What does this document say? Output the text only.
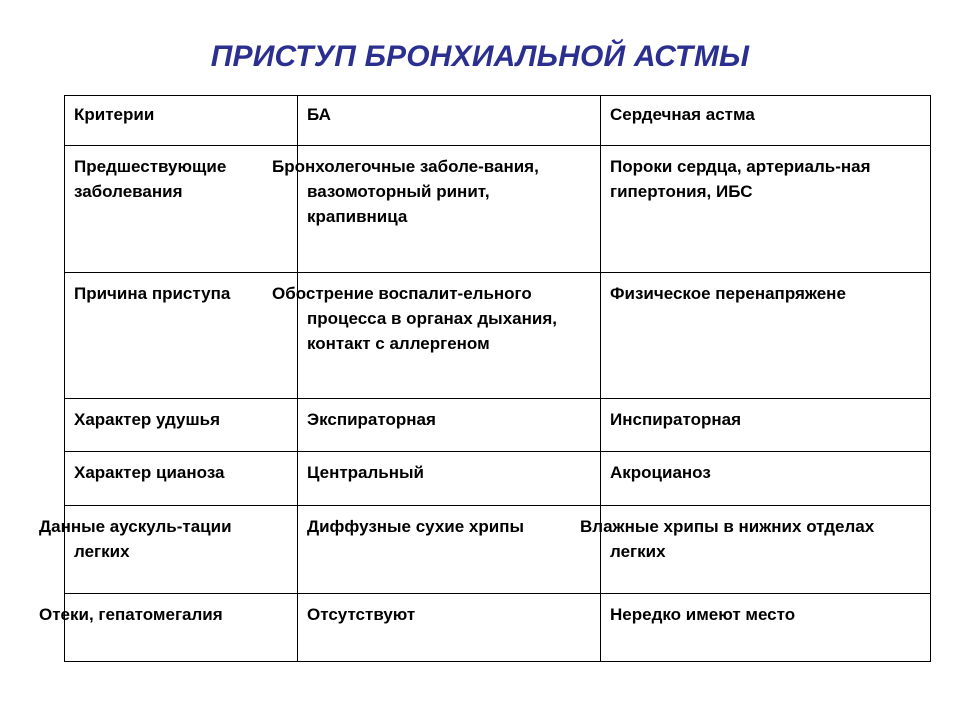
ПРИСТУП БРОНХИАЛЬНОЙ АСТМЫ
Критерии	БА	Сердечная астма
Предшествующие заболевания	Бронхолегочные заболе-вания, вазомоторный ринит, крапивница	Пороки сердца, артериаль-ная гипертония, ИБС
Причина приступа	Обострение воспалит-ельного процесса в органах дыхания, контакт с аллергеном	Физическое перенапряжене
Характер удушья	Экспираторная	Инспираторная
Характер цианоза	Центральный	Акроцианоз
Данные аускуль-тации легких	Диффузные сухие хрипы	Влажные хрипы в нижних отделах легких
Отеки, гепатомегалия	Отсутствуют	Нередко имеют место
